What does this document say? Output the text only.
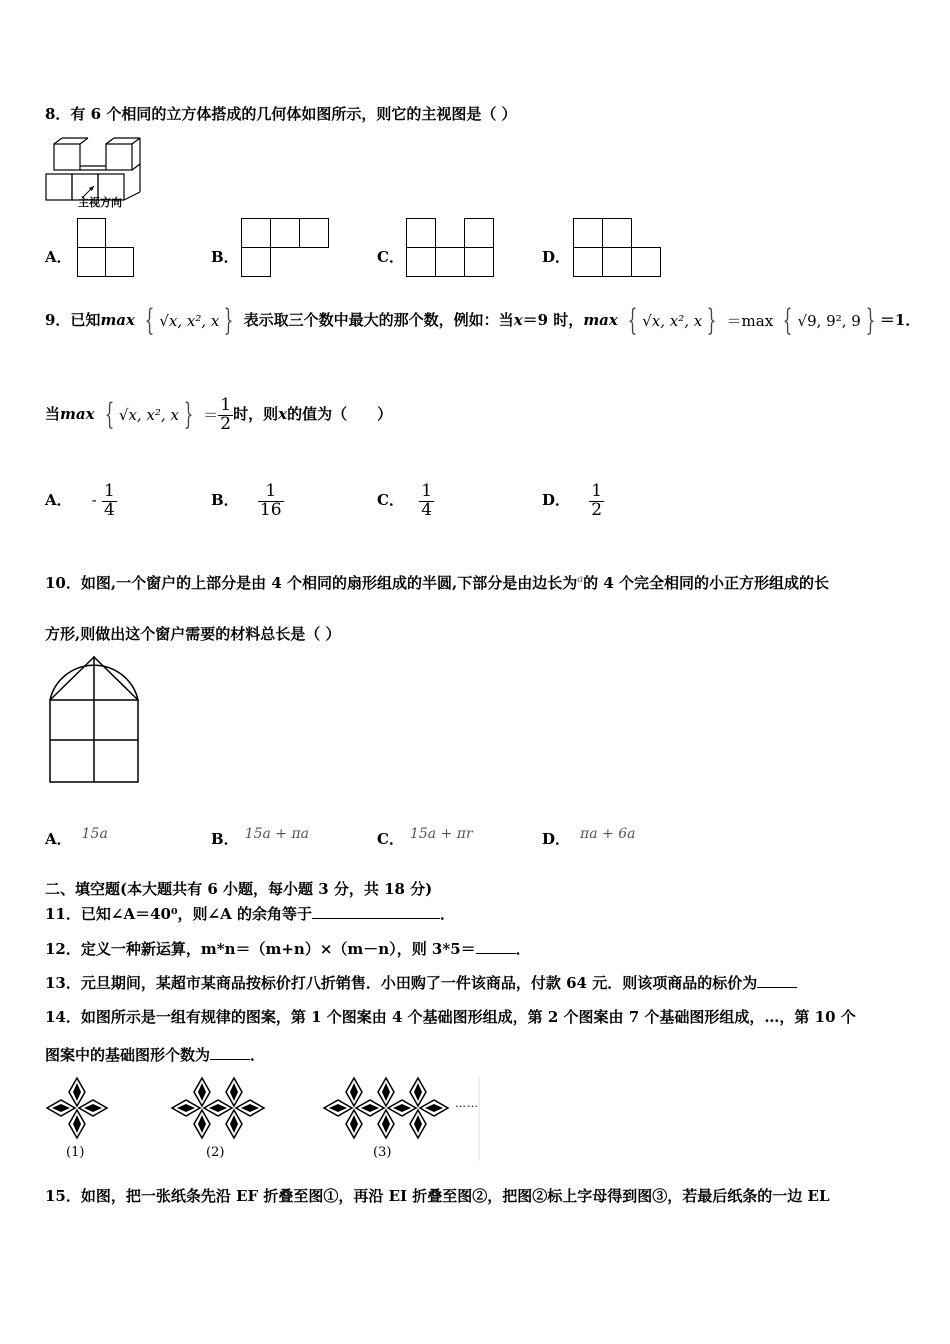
8．有 6 个相同的立方体搭成的几何体如图所示，则它的主视图是（ ）
主视方向
A．	B．	C．	D．
9．已知max { √x, x², x } 表示取三个数中最大的那个数，例如：当x＝9 时，max { √x, x², x } ＝max { √9, 9², 9 } ＝1．
当max { √x, x², x } ＝ $\frac{1}{2}$ 时，则x的值为（　　）
A． - $\frac{1}{4}$	B． $\frac{1}{16}$	C． $\frac{1}{4}$	D． $\frac{1}{2}$
10．如图,一个窗户的上部分是由 4 个相同的扇形组成的半圆,下部分是由边长为$^a$的 4 个完全相同的小正方形组成的长
方形,则做出这个窗户需要的材料总长是（ ）
A． 15a	B． 15a + πa	C． 15a + πr	D． πa + 6a
二、填空题(本大题共有 6 小题，每小题 3 分，共 18 分)
11．已知∠A＝40⁰，则∠A 的余角等于	．
12．定义一种新运算，m*n＝（m+n）×（m－n），则 3*5＝	．
13．元旦期间，某超市某商品按标价打八折销售．小田购了一件该商品，付款 64 元．则该项商品的标价为
14．如图所示是一组有规律的图案，第 1 个图案由 4 个基础图形组成，第 2 个图案由 7 个基础图形组成，…，第 10 个
图案中的基础图形个数为	．
(1)	(2)	(3)
……
15．如图，把一张纸条先沿 EF 折叠至图①，再沿 EI 折叠至图②，把图②标上字母得到图③，若最后纸条的一边 EL
